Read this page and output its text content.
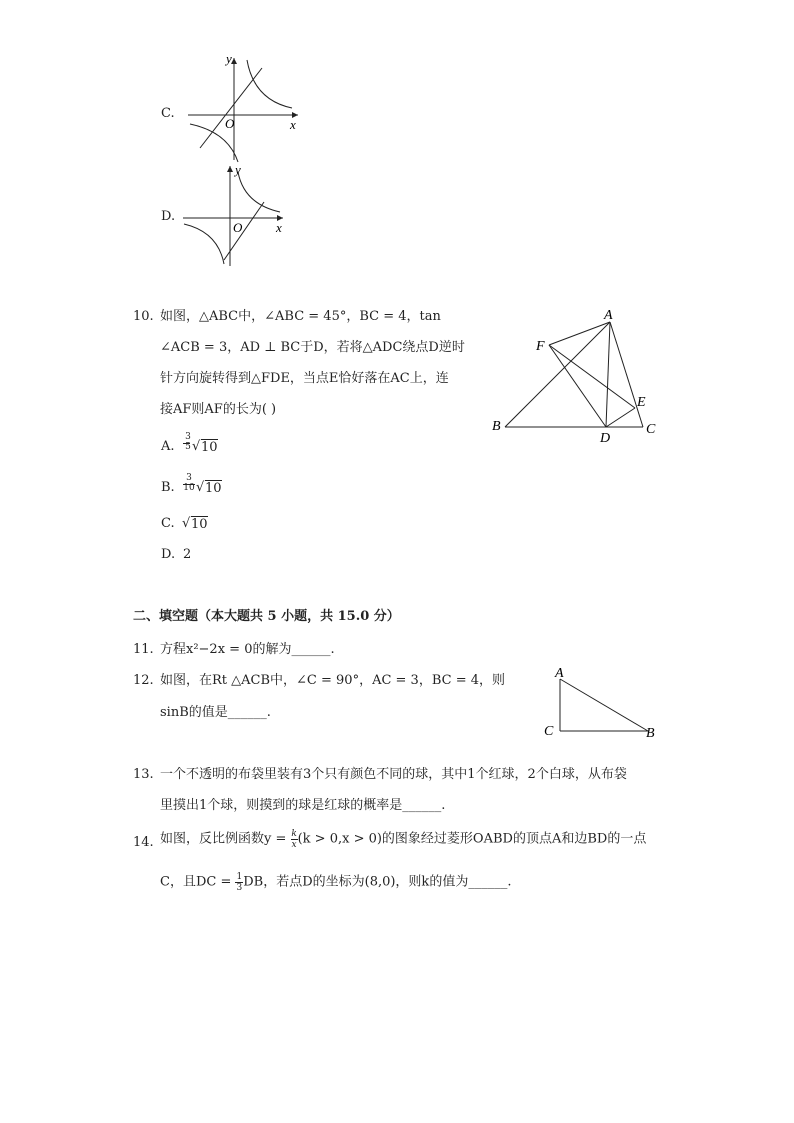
C.
y
x
O
D.
y
x
O
10. 如图，△ABC中，∠ABC = 45°，BC = 4，tan
∠ACB = 3，AD ⊥ BC于D，若将△ADC绕点D逆时
针方向旋转得到△FDE，当点E恰好落在AC上，连
接AF则AF的长为( )
A.
3
5 √ 10
B.
3
10 √ 10
C. √ 10
D. 2
A
F
E
B
D
C
二、填空题（本大题共 5 小题，共 15.0 分）
11. 方程x²−2x = 0的解为______.
12. 如图，在Rt △ACB中，∠C = 90°，AC = 3，BC = 4，则
sinB的值是______.
A
C	B
13. 一个不透明的布袋里装有3个只有颜色不同的球，其中1个红球，2个白球，从布袋
里摸出1个球，则摸到的球是红球的概率是______.
14. 如图，反比例函数$y = \frac{k}{x}(k > 0,x > 0)$的图象经过菱形OABD的顶点A和边BD的一点
C，且DC = $\frac{1}{3}DB$，若点D的坐标为(8,0)，则k的值为______.
